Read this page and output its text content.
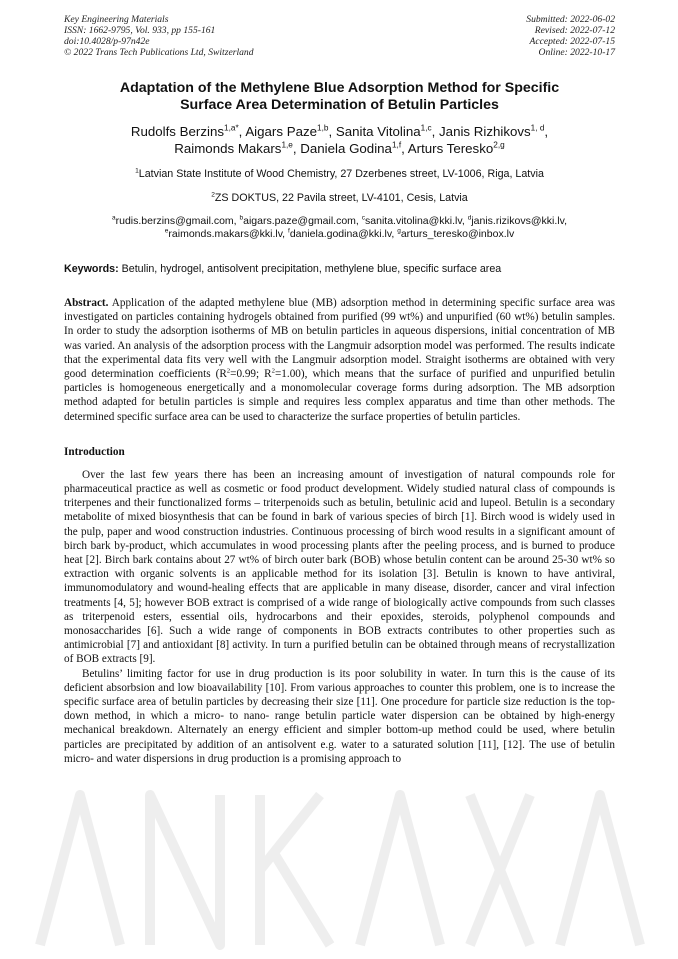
Key Engineering Materials
ISSN: 1662-9795, Vol. 933, pp 155-161
doi:10.4028/p-97n42e
© 2022 Trans Tech Publications Ltd, Switzerland
Submitted: 2022-06-02
Revised: 2022-07-12
Accepted: 2022-07-15
Online: 2022-10-17
Adaptation of the Methylene Blue Adsorption Method for Specific
Surface Area Determination of Betulin Particles
Rudolfs Berzins$^{1,a*}$, Aigars Paze$^{1,b}$, Sanita Vitolina$^{1,c}$, Janis Rizhikovs$^{1, d}$,
Raimonds Makars$^{1,e}$, Daniela Godina$^{1,f}$, Arturs Teresko$^{2,g}$
$^1$Latvian State Institute of Wood Chemistry, 27 Dzerbenes street, LV-1006, Riga, Latvia
$^2$ZS DOKTUS, 22 Pavila street, LV-4101, Cesis, Latvia
$^a$rudis.berzins@gmail.com, $^b$aigars.paze@gmail.com, $^c$sanita.vitolina@kki.lv, $^d$janis.rizikovs@kki.lv,
$^e$raimonds.makars@kki.lv, $^f$daniela.godina@kki.lv, $^g$arturs_teresko@inbox.lv
Keywords: Betulin, hydrogel, antisolvent precipitation, methylene blue, specific surface area
Abstract. Application of the adapted methylene blue (MB) adsorption method in determining specific surface area was investigated on particles containing hydrogels obtained from purified (99 wt%) and unpurified (60 wt%) betulin samples. In order to study the adsorption isotherms of MB on betulin particles in aqueous dispersions, initial concentration of MB was varied. An analysis of the adsorption process with the Langmuir adsorption model was performed. The results indicate that the experimental data fits very well with the Langmuir adsorption model. Straight isotherms are obtained with very good determination coefficients ($R^2=0.99$; $R^2=1.00$), which means that the surface of purified and unpurified betulin particles is homogeneous energetically and a monomolecular coverage forms during adsorption. The MB adsorption method adapted for betulin particles is simple and requires less complex apparatus and time than other methods. The determined specific surface area can be used to characterize the surface properties of betulin particles.
Introduction

Over the last few years there has been an increasing amount of investigation of natural compounds role for pharmaceutical practice as well as cosmetic or food product development. Widely studied natural class of compounds is triterpenes and their functionalized forms – triterpenoids such as betulin, betulinic acid and lupeol. Betulin is a secondary metabolite of mixed biosynthesis that can be found in bark of various species of birch [1]. Birch wood is widely used in the pulp, paper and wood construction industries. Continuous processing of birch wood results in a significant amount of birch bark by-product, which accumulates in wood processing plants after the peeling process, and is burned to produce heat [2]. Birch bark contains about 27 wt% of birch outer bark (BOB) whose betulin content can be around 25-30 wt% so extraction with organic solvents is an applicable method for its isolation [3]. Betulin is known to have antiviral, immunomodulatory and wound-healing effects that are applicable in many disease, disorder, cancer and viral infection treatments [4, 5]; however BOB extract is comprised of a wide range of biologically active compounds from such classes as triterpenoid esters, essential oils, hydrocarbons and their epoxides, steroids, polyphenol compounds and monosaccharides [6]. Such a wide range of components in BOB extracts contributes to other properties such as antimicrobial [7] and antioxidant [8] activity. In turn a purified betulin can be obtained through means of recrystallization of BOB extracts [9].

Betulins’ limiting factor for use in drug production is its poor solubility in water. In turn this is the cause of its deficient absorbsion and low bioavailability [10]. From various approaches to counter this problem, one is to increase the specific surface area of betulin particles by decreasing their size [11]. One procedure for particle size reduction is the top-down method, in which a micro- to nano- range betulin particle water dispersion can be obtained by high-energy mechanical breakdown. Alternately an energy efficient and simpler bottom-up method could be used, where betulin particles are precipitated by addition of an antisolvent e.g. water to a saturated solution [11], [12]. The use of betulin micro- and water dispersions in drug production is a promising approach to
